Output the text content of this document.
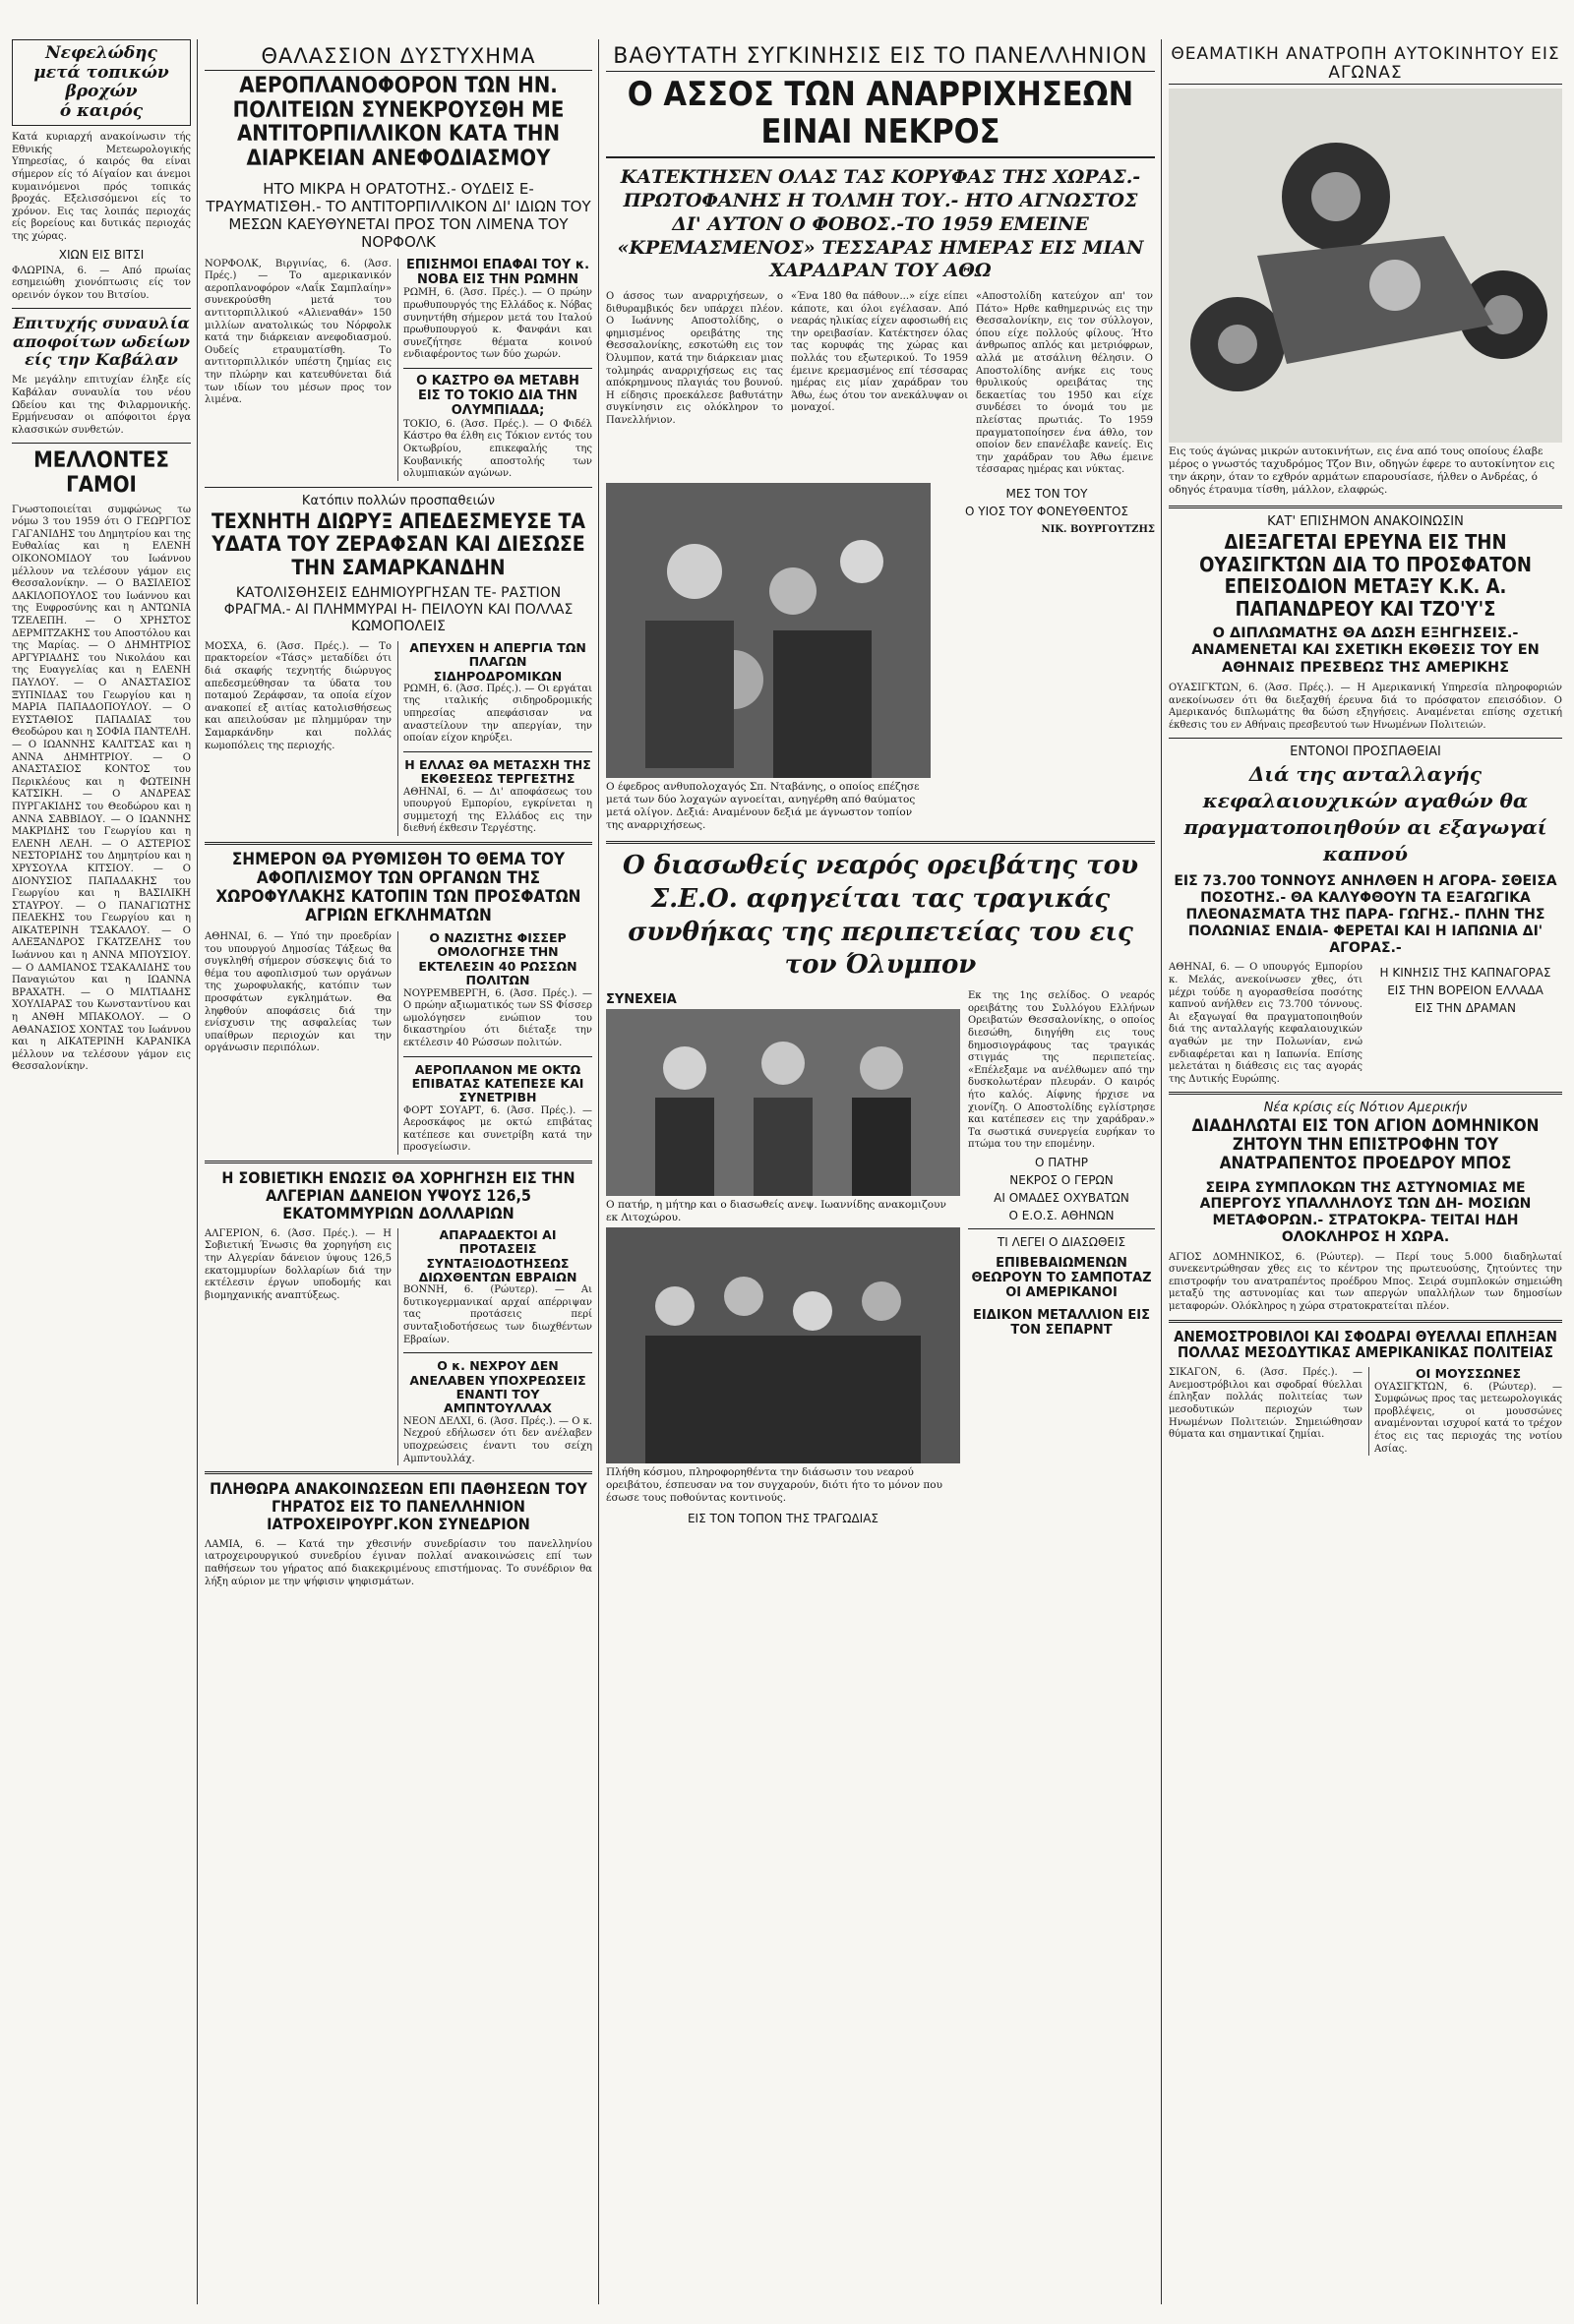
Νεφελώδης
μετά τοπικών βροχών
ό καιρός
Κατά κυριαρχή ανακοίνωσιν τής Εθνικής Μετεωρολογικής Υπηρεσίας, ό καιρός θα είναι σήμερον είς τό Αίγαίον και άνεμοι κυμαινόμενοι πρός τοπικάς βροχάς. Εξελισσόμενοι είς το χρόνον. Εις τας λοιπάς περιοχάς είς βορείους και δυτικάς περιοχάς της χώρας.
ΧΙΩΝ ΕΙΣ ΒΙΤΣΙ
ΦΛΩΡΙΝΑ, 6. — Από πρωίας εσημειώθη χιονόπτωσις είς τον ορεινόν όγκον του Βιτσίου.
Επιτυχής συναυλία
αποφοίτων ωδείων
είς την Καβάλαν
Με μεγάλην επιτυχίαν έληξε είς Καβάλαν συναυλία του νέου Ωδείου και της Φιλαρμονικής. Ερμήνευσαν οι απόφοιτοι έργα κλασσικών συνθετών.
ΜΕΛΛΟΝΤΕΣ ΓΑΜΟΙ
Γνωστοποιείται συμφώνως τω νόμω 3 του 1959 ότι Ο ΓΕΩΡΓΙΟΣ ΓΑΓΑΝΙΔΗΣ του Δημητρίου και της Ευθαλίας και η ΕΛΕΝΗ ΟΙΚΟΝΟΜΙΔΟΥ του Ιωάννου μέλλουν να τελέσουν γάμον εις Θεσσαλονίκην. — Ο ΒΑΣΙΛΕΙΟΣ ΔΑΚΙΛΟΠΟΥΛΟΣ του Ιωάννου και της Ευφροσύνης και η ΑΝΤΩΝΙΑ ΤΖΕΛΕΠΗ. — Ο ΧΡΗΣΤΟΣ ΔΕΡΜΙΤΖΑΚΗΣ του Αποστόλου και της Μαρίας. — Ο ΔΗΜΗΤΡΙΟΣ ΑΡΓΥΡΙΑΔΗΣ του Νικολάου και της Ευαγγελίας και η ΕΛΕΝΗ ΠΑΥΛΟΥ. — Ο ΑΝΑΣΤΑΣΙΟΣ ΞΥΠΝΙΔΑΣ του Γεωργίου και η ΜΑΡΙΑ ΠΑΠΑΔΟΠΟΥΛΟΥ. — Ο ΕΥΣΤΑΘΙΟΣ ΠΑΠΑΔΙΑΣ του Θεοδώρου και η ΣΟΦΙΑ ΠΑΝΤΕΛΗ. — Ο ΙΩΑΝΝΗΣ ΚΑΛΙΤΣΑΣ και η ΑΝΝΑ ΔΗΜΗΤΡΙΟΥ. — Ο ΑΝΑΣΤΑΣΙΟΣ ΚΟΝΤΟΣ του Περικλέους και η ΦΩΤΕΙΝΗ ΚΑΤΣΙΚΗ. — Ο ΑΝΔΡΕΑΣ ΠΥΡΓΑΚΙΔΗΣ του Θεοδώρου και η ΑΝΝΑ ΣΑΒΒΙΔΟΥ. — Ο ΙΩΑΝΝΗΣ ΜΑΚΡΙΔΗΣ του Γεωργίου και η ΕΛΕΝΗ ΛΕΛΗ. — Ο ΑΣΤΕΡΙΟΣ ΝΕΣΤΟΡΙΔΗΣ του Δημητρίου και η ΧΡΥΣΟΥΛΑ ΚΙΤΣΙΟΥ. — Ο ΔΙΟΝΥΣΙΟΣ ΠΑΠΑΔΑΚΗΣ του Γεωργίου και η ΒΑΣΙΛΙΚΗ ΣΤΑΥΡΟΥ. — Ο ΠΑΝΑΓΙΩΤΗΣ ΠΕΛΕΚΗΣ του Γεωργίου και η ΑΙΚΑΤΕΡΙΝΗ ΤΣΑΚΑΛΟΥ. — Ο ΑΛΕΞΑΝΔΡΟΣ ΓΚΑΤΖΕΛΗΣ του Ιωάννου και η ΑΝΝΑ ΜΠΟΥΣΙΟΥ. — Ο ΔΑΜΙΑΝΟΣ ΤΣΑΚΑΛΙΔΗΣ του Παναγιώτου και η ΙΩΑΝΝΑ ΒΡΑΧΑΤΗ. — Ο ΜΙΛΤΙΑΔΗΣ ΧΟΥΛΙΑΡΑΣ του Κωνσταντίνου και η ΑΝΘΗ ΜΠΑΚΟΛΟΥ. — Ο ΑΘΑΝΑΣΙΟΣ ΧΟΝΤΑΣ του Ιωάννου και η ΑΙΚΑΤΕΡΙΝΗ ΚΑΡΑΝΙΚΑ μέλλουν να τελέσουν γάμον εις Θεσσαλονίκην.
ΘΑΛΑΣΣΙΟΝ ΔΥΣΤΥΧΗΜΑ
ΑΕΡΟΠΛΑΝΟΦΟΡΟΝ ΤΩΝ ΗΝ. ΠΟΛΙΤΕΙΩΝ ΣΥΝΕΚΡΟΥΣΘΗ ΜΕ ΑΝΤΙΤΟΡΠΙΛΛΙΚΟΝ ΚΑΤΑ ΤΗΝ ΔΙΑΡΚΕΙΑΝ ΑΝΕΦΟΔΙΑΣΜΟΥ
ΗΤΟ ΜΙΚΡΑ Η ΟΡΑΤΟΤΗΣ.- ΟΥΔΕΙΣ Ε- ΤΡΑΥΜΑΤΙΣΘΗ.- ΤΟ ΑΝΤΙΤΟΡΠΙΛΛΙΚΟΝ ΔΙ' ΙΔΙΩΝ ΤΟΥ ΜΕΣΩΝ ΚΑΕΥΘΥΝΕΤΑΙ ΠΡΟΣ ΤΟΝ ΛΙΜΕΝΑ ΤΟΥ ΝΟΡΦΟΛΚ
ΝΟΡΦΟΛΚ, Βιργινίας, 6. (Άσσ. Πρές.) — Το αμερικανικόν αεροπλανοφόρον «Λαΐκ Σαμπλαίην» συνεκρούσθη μετά του αντιτορπιλλικού «Αλιεναθάν» 150 μιλλίων ανατολικώς του Νόρφολκ κατά την διάρκειαν ανεφοδιασμού. Ουδείς ετραυματίσθη. Το αντιτορπιλλικόν υπέστη ζημίας εις την πλώρην και κατευθύνεται διά των ιδίων του μέσων προς τον λιμένα.
ΕΠΙΣΗΜΟΙ ΕΠΑΦΑΙ ΤΟΥ κ. ΝΟΒΑ ΕΙΣ ΤΗΝ ΡΩΜΗΝ
ΡΩΜΗ, 6. (Άσσ. Πρές.). — Ο πρώην πρωθυπουργός της Ελλάδος κ. Νόβας συνηντήθη σήμερον μετά του Ιταλού πρωθυπουργού κ. Φανφάνι και συνεζήτησε θέματα κοινού ενδιαφέροντος των δύο χωρών.
Ο ΚΑΣΤΡΟ ΘΑ ΜΕΤΑΒΗ ΕΙΣ ΤΟ ΤΟΚΙΟ ΔΙΑ ΤΗΝ ΟΛΥΜΠΙΑΔΑ;
ΤΟΚΙΟ, 6. (Άσσ. Πρές.). — Ο Φιδέλ Κάστρο θα έλθη εις Τόκιον εντός του Οκτωβρίου, επικεφαλής της Κουβανικής αποστολής των ολυμπιακών αγώνων.
Κατόπιν πολλών προσπαθειών
ΤΕΧΝΗΤΗ ΔΙΩΡΥΞ ΑΠΕΔΕΣΜΕΥΣΕ ΤΑ ΥΔΑΤΑ ΤΟΥ ΖΕΡΑΦΣΑΝ ΚΑΙ ΔΙΕΣΩΣΕ ΤΗΝ ΣΑΜΑΡΚΑΝΔΗΝ
ΚΑΤΟΛΙΣΘΗΣΕΙΣ ΕΔΗΜΙΟΥΡΓΗΣΑΝ ΤΕ- ΡΑΣΤΙΟΝ ΦΡΑΓΜΑ.- ΑΙ ΠΛΗΜΜΥΡΑΙ Η- ΠΕΙΛΟΥΝ ΚΑΙ ΠΟΛΛΑΣ ΚΩΜΟΠΟΛΕΙΣ
ΜΟΣΧΑ, 6. (Άσσ. Πρές.). — Το πρακτορείον «Τάσς» μεταδίδει ότι διά σκαφής τεχνητής διώρυγος απεδεσμεύθησαν τα ύδατα του ποταμού Ζεράφσαν, τα οποία είχον ανακοπεί εξ αιτίας κατολισθήσεως και απειλούσαν με πλημμύραν την Σαμαρκάνδην και πολλάς κωμοπόλεις της περιοχής.
ΑΠΕΥΧΕΝ Η ΑΠΕΡΓΙΑ ΤΩΝ ΠΛΑΓΩΝ ΣΙΔΗΡΟΔΡΟΜΙΚΩΝ
ΡΩΜΗ, 6. (Άσσ. Πρές.). — Οι εργάται της ιταλικής σιδηροδρομικής υπηρεσίας απεφάσισαν να αναστείλουν την απεργίαν, την οποίαν είχον κηρύξει.
Η ΕΛΛΑΣ ΘΑ ΜΕΤΑΣΧΗ ΤΗΣ ΕΚΘΕΣΕΩΣ ΤΕΡΓΕΣΤΗΣ
ΑΘΗΝΑΙ, 6. — Δι' αποφάσεως του υπουργού Εμπορίου, εγκρίνεται η συμμετοχή της Ελλάδος εις την διεθνή έκθεσιν Τεργέστης.
ΣΗΜΕΡΟΝ ΘΑ ΡΥΘΜΙΣΘΗ ΤΟ ΘΕΜΑ ΤΟΥ ΑΦΟΠΛΙΣΜΟΥ ΤΩΝ ΟΡΓΑΝΩΝ ΤΗΣ ΧΩΡΟΦΥΛΑΚΗΣ ΚΑΤΟΠΙΝ ΤΩΝ ΠΡΟΣΦΑΤΩΝ ΑΓΡΙΩΝ ΕΓΚΛΗΜΑΤΩΝ
ΑΘΗΝΑΙ, 6. — Υπό την προεδρίαν του υπουργού Δημοσίας Τάξεως θα συγκληθή σήμερον σύσκεψις διά το θέμα του αφοπλισμού των οργάνων της χωροφυλακής, κατόπιν των προσφάτων εγκλημάτων. Θα ληφθούν αποφάσεις διά την ενίσχυσιν της ασφαλείας των υπαίθρων περιοχών και την οργάνωσιν περιπόλων.
Ο ΝΑΖΙΣΤΗΣ ΦΙΣΣΕΡ ΟΜΟΛΟΓΗΣΕ ΤΗΝ ΕΚΤΕΛΕΣΙΝ 40 ΡΩΣΣΩΝ ΠΟΛΙΤΩΝ
ΝΟΥΡΕΜΒΕΡΓΗ, 6. (Άσσ. Πρές.). — Ο πρώην αξιωματικός των SS Φίσσερ ωμολόγησεν ενώπιον του δικαστηρίου ότι διέταξε την εκτέλεσιν 40 Ρώσσων πολιτών.
ΑΕΡΟΠΛΑΝΟΝ ΜΕ ΟΚΤΩ ΕΠΙΒΑΤΑΣ ΚΑΤΕΠΕΣΕ ΚΑΙ ΣΥΝΕΤΡΙΒΗ
ΦΟΡΤ ΣΟΥΑΡΤ, 6. (Άσσ. Πρές.). — Αεροσκάφος με οκτώ επιβάτας κατέπεσε και συνετρίβη κατά την προσγείωσιν.
Η ΣΟΒΙΕΤΙΚΗ ΕΝΩΣΙΣ ΘΑ ΧΟΡΗΓΗΣΗ ΕΙΣ ΤΗΝ ΑΛΓΕΡΙΑΝ ΔΑΝΕΙΟΝ ΥΨΟΥΣ 126,5 ΕΚΑΤΟΜΜΥΡΙΩΝ ΔΟΛΛΑΡΙΩΝ
ΑΛΓΕΡΙΟΝ, 6. (Άσσ. Πρές.). — Η Σοβιετική Ένωσις θα χορηγήση εις την Αλγερίαν δάνειον ύψους 126,5 εκατομμυρίων δολλαρίων διά την εκτέλεσιν έργων υποδομής και βιομηχανικής αναπτύξεως.
ΑΠΑΡΑΔΕΚΤΟΙ ΑΙ ΠΡΟΤΑΣΕΙΣ ΣΥΝΤΑΞΙΟΔΟΤΗΣΕΩΣ ΔΙΩΧΘΕΝΤΩΝ ΕΒΡΑΙΩΝ
ΒΟΝΝΗ, 6. (Ρώυτερ). — Αι δυτικογερμανικαί αρχαί απέρριψαν τας προτάσεις περί συνταξιοδοτήσεως των διωχθέντων Εβραίων.
Ο κ. ΝΕΧΡΟΥ ΔΕΝ ΑΝΕΛΑΒΕΝ ΥΠΟΧΡΕΩΣΕΙΣ ΕΝΑΝΤΙ ΤΟΥ ΑΜΠΝΤΟΥΛΛΑΧ
ΝΕΟΝ ΔΕΛΧΙ, 6. (Άσσ. Πρές.). — Ο κ. Νεχρού εδήλωσεν ότι δεν ανέλαβεν υποχρεώσεις έναντι του σείχη Αμπντουλλάχ.
ΠΛΗΘΩΡΑ ΑΝΑΚΟΙΝΩΣΕΩΝ ΕΠΙ ΠΑΘΗΣΕΩΝ ΤΟΥ ΓΗΡΑΤΟΣ ΕΙΣ ΤΟ ΠΑΝΕΛΛΗΝΙΟΝ ΙΑΤΡΟΧΕΙΡΟΥΡΓ.ΚΟΝ ΣΥΝΕΔΡΙΟΝ
ΛΑΜΙΑ, 6. — Κατά την χθεσινήν συνεδρίασιν του πανελληνίου ιατροχειρουργικού συνεδρίου έγιναν πολλαί ανακοινώσεις επί των παθήσεων του γήρατος από διακεκριμένους επιστήμονας. Το συνέδριον θα λήξη αύριον με την ψήφισιν ψηφισμάτων.
ΒΑΘΥΤΑΤΗ ΣΥΓΚΙΝΗΣΙΣ ΕΙΣ ΤΟ ΠΑΝΕΛΛΗΝΙΟΝ
Ο ΑΣΣΟΣ ΤΩΝ ΑΝΑΡΡΙΧΗΣΕΩΝ ΕΙΝΑΙ ΝΕΚΡΟΣ
ΚΑΤΕΚΤΗΣΕΝ ΟΛΑΣ ΤΑΣ ΚΟΡΥΦΑΣ ΤΗΣ ΧΩΡΑΣ.- ΠΡΩΤΟΦΑΝΗΣ Η ΤΟΛΜΗ ΤΟΥ.- ΗΤΟ ΑΓΝΩΣΤΟΣ ΔΙ' ΑΥΤΟΝ Ο ΦΟΒΟΣ.-ΤΟ 1959 ΕΜΕΙΝΕ «ΚΡΕΜΑΣΜΕΝΟΣ» ΤΕΣΣΑΡΑΣ ΗΜΕΡΑΣ ΕΙΣ ΜΙΑΝ ΧΑΡΑΔΡΑΝ ΤΟΥ ΑΘΩ
Ο άσσος των αναρριχήσεων, ο διθυραμβικός δεν υπάρχει πλέον. Ο Ιωάννης Αποστολίδης, ο φημισμένος ορειβάτης της Θεσσαλονίκης, εσκοτώθη εις τον Όλυμπον, κατά την διάρκειαν μιας τολμηράς αναρριχήσεως εις τας απόκρημνους πλαγιάς του βουνού. Η είδησις προεκάλεσε βαθυτάτην συγκίνησιν εις ολόκληρον το Πανελλήνιον.
«Ένα 180 θα πάθουν...» είχε είπει κάποτε, και όλοι εγέλασαν. Από νεαράς ηλικίας είχεν αφοσιωθή εις την ορειβασίαν. Κατέκτησεν όλας τας κορυφάς της χώρας και πολλάς του εξωτερικού. Το 1959 έμεινε κρεμασμένος επί τέσσαρας ημέρας εις μίαν χαράδραν του Άθω, έως ότου τον ανεκάλυψαν οι μοναχοί.
«Αποστολίδη κατεύχον απ' τον Πάτο» Ηρθε καθημερινώς εις την Θεσσαλονίκην, εις τον σύλλογον, όπου είχε πολλούς φίλους. Ήτο άνθρωπος απλός και μετριόφρων, αλλά με ατσάλινη θέλησιν. Ο Αποστολίδης ανήκε εις τους θρυλικούς ορειβάτας της δεκαετίας του 1950 και είχε συνδέσει το όνομά του με πλείστας πρωτιάς. Το 1959 πραγματοποίησεν ένα άθλο, τον οποίον δεν επανέλαβε κανείς. Εις την χαράδραν του Άθω έμεινε τέσσαρας ημέρας και νύκτας.
Ο έφεδρος ανθυπολοχαγός Σπ. Νταβάνης, ο οποίος επέζησε μετά των δύο λοχαγών αγνοείται, ανηγέρθη από θαύματος μετά ολίγον. Δεξιά: Αναμένουν δεξιά με άγνωστον τοπίον της αναρριχήσεως.
ΜΕΣ ΤΟΝ ΤΟΥ
Ο ΥΙΟΣ ΤΟΥ ΦΟΝΕΥΘΕΝΤΟΣ
ΝΙΚ. ΒΟΥΡΓΟΥΤΖΗΣ
Ο διασωθείς νεαρός ορειβάτης του Σ.Ε.Ο. αφηγείται τας τραγικάς συνθήκας της περιπετείας του εις τον Όλυμπον
ΣΥΝΕΧΕΙΑ
Ο πατήρ, η μήτηρ και ο διασωθείς ανεψ. Ιωαννίδης ανακομιζουν εκ Λιτοχώρου.
Πλήθη κόσμου, πληροφορηθέντα την διάσωσιν του νεαρού ορειβάτου, έσπευσαν να τον συγχαρούν, διότι ήτο το μόνον που έσωσε τους ποθούντας κοντινούς.
ΕΙΣ ΤΟΝ ΤΟΠΟΝ ΤΗΣ ΤΡΑΓΩΔΙΑΣ
Εκ της 1ης σελίδος. Ο νεαρός ορειβάτης του Συλλόγου Ελλήνων Ορειβατών Θεσσαλονίκης, ο οποίος διεσώθη, διηγήθη εις τους δημοσιογράφους τας τραγικάς στιγμάς της περιπετείας. «Επέλεξαμε να ανέλθωμεν από την δυσκολωτέραν πλευράν. Ο καιρός ήτο καλός. Αίφνης ήρχισε να χιονίζη. Ο Αποστολίδης εγλίστρησε και κατέπεσεν εις την χαράδραν.» Τα σωστικά συνεργεία ευρήκαν το πτώμα του την επομένην.
Ο ΠΑΤΗΡ
ΝΕΚΡΟΣ Ο ΓΕΡΩΝ
ΑΙ ΟΜΑΔΕΣ ΟΧΥΒΑΤΩΝ
Ο Ε.Ο.Σ. ΑΘΗΝΩΝ
ΤΙ ΛΕΓΕΙ Ο ΔΙΑΣΩΘΕΙΣ
ΕΠΙΒΕΒΑΙΩΜΕΝΩΝ ΘΕΩΡΟΥΝ ΤΟ ΣΑΜΠΟΤΑΖ ΟΙ ΑΜΕΡΙΚΑΝΟΙ
ΕΙΔΙΚΟΝ ΜΕΤΑΛΛΙΟΝ ΕΙΣ ΤΟΝ ΣΕΠΑΡΝΤ
ΘΕΑΜΑΤΙΚΗ ΑΝΑΤΡΟΠΗ ΑΥΤΟΚΙΝΗΤΟΥ ΕΙΣ ΑΓΩΝΑΣ
Εις τούς άγώνας μικρών αυτοκινήτων, εις ένα από τους οποίους έλαβε μέρος ο γνωστός ταχυδρόμος Τζον Βιν, οδηγών έφερε το αυτοκίνητον εις την άκρην, όταν το εχθρόν αρμάτων επαρουσίασε, ήλθεν ο Ανδρέας, ό οδηγός έτραυμα τίσθη, μάλλον, ελαφρώς.
ΚΑΤ' ΕΠΙΣΗΜΟΝ ΑΝΑΚΟΙΝΩΣΙΝ
ΔΙΕΞΑΓΕΤΑΙ ΕΡΕΥΝΑ ΕΙΣ ΤΗΝ ΟΥΑΣΙΓΚΤΩΝ ΔΙΑ ΤΟ ΠΡΟΣΦΑΤΟΝ ΕΠΕΙΣΟΔΙΟΝ ΜΕΤΑΞΥ Κ.Κ. Α. ΠΑΠΑΝΔΡΕΟΥ ΚΑΙ ΤΖΟ'Υ'Σ
Ο ΔΙΠΛΩΜΑΤΗΣ ΘΑ ΔΩΣΗ ΕΞΗΓΗΣΕΙΣ.- ΑΝΑΜΕΝΕΤΑΙ ΚΑΙ ΣΧΕΤΙΚΗ ΕΚΘΕΣΙΣ ΤΟΥ ΕΝ ΑΘΗΝΑΙΣ ΠΡΕΣΒΕΩΣ ΤΗΣ ΑΜΕΡΙΚΗΣ
ΟΥΑΣΙΓΚΤΩΝ, 6. (Άσσ. Πρές.). — Η Αμερικανική Υπηρεσία πληροφοριών ανεκοίνωσεν ότι θα διεξαχθή έρευνα διά το πρόσφατον επεισόδιον. Ο Αμερικανός διπλωμάτης θα δώση εξηγήσεις. Αναμένεται επίσης σχετική έκθεσις του εν Αθήναις πρεσβευτού των Ηνωμένων Πολιτειών.
ΕΝΤΟΝΟΙ ΠΡΟΣΠΑΘΕΙΑΙ
Διά της ανταλλαγής κεφαλαιουχικών αγαθών θα πραγματοποιηθούν αι εξαγωγαί καπνού
ΕΙΣ 73.700 ΤΟΝΝΟΥΣ ΑΝΗΛΘΕΝ Η ΑΓΟΡΑ- ΣΘΕΙΣΑ ΠΟΣΟΤΗΣ.- ΘΑ ΚΑΛΥΦΘΟΥΝ ΤΑ ΕΞΑΓΩΓΙΚΑ ΠΛΕΟΝΑΣΜΑΤΑ ΤΗΣ ΠΑΡΑ- ΓΩΓΗΣ.- ΠΛΗΝ ΤΗΣ ΠΟΛΩΝΙΑΣ ΕΝΔΙΑ- ΦΕΡΕΤΑΙ ΚΑΙ Η ΙΑΠΩΝΙΑ ΔΙ' ΑΓΟΡΑΣ.-
ΑΘΗΝΑΙ, 6. — Ο υπουργός Εμπορίου κ. Μελάς, ανεκοίνωσεν χθες, ότι μέχρι τούδε η αγορασθείσα ποσότης καπνού ανήλθεν εις 73.700 τόννους. Αι εξαγωγαί θα πραγματοποιηθούν διά της ανταλλαγής κεφαλαιουχικών αγαθών με την Πολωνίαν, ενώ ενδιαφέρεται και η Ιαπωνία. Επίσης μελετάται η διάθεσις εις τας αγοράς της Δυτικής Ευρώπης.
Η ΚΙΝΗΣΙΣ ΤΗΣ ΚΑΠΝΑΓΟΡΑΣ
ΕΙΣ ΤΗΝ ΒΟΡΕΙΟΝ ΕΛΛΑΔΑ
ΕΙΣ ΤΗΝ ΔΡΑΜΑΝ
Νέα κρίσις είς Νότιον Αμερικήν
ΔΙΑΔΗΛΩΤΑΙ ΕΙΣ ΤΟΝ ΑΓΙΟΝ ΔΟΜΗΝΙΚΟΝ ΖΗΤΟΥΝ ΤΗΝ ΕΠΙΣΤΡΟΦΗΝ ΤΟΥ ΑΝΑΤΡΑΠΕΝΤΟΣ ΠΡΟΕΔΡΟΥ ΜΠΟΣ
ΣΕΙΡΑ ΣΥΜΠΛΟΚΩΝ ΤΗΣ ΑΣΤΥΝΟΜΙΑΣ ΜΕ ΑΠΕΡΓΟΥΣ ΥΠΑΛΛΗΛΟΥΣ ΤΩΝ ΔΗ- ΜΟΣΙΩΝ ΜΕΤΑΦΟΡΩΝ.- ΣΤΡΑΤΟΚΡΑ- ΤΕΙΤΑΙ ΗΔΗ ΟΛΟΚΛΗΡΟΣ Η ΧΩΡΑ.
ΑΓΙΟΣ ΔΟΜΗΝΙΚΟΣ, 6. (Ρώυτερ). — Περί τους 5.000 διαδηλωταί συνεκεντρώθησαν χθες εις το κέντρον της πρωτευούσης, ζητούντες την επιστροφήν του ανατραπέντος προέδρου Μπος. Σειρά συμπλοκών σημειώθη μεταξύ της αστυνομίας και των απεργών υπαλλήλων των δημοσίων μεταφορών. Ολόκληρος η χώρα στρατοκρατείται πλέον.
ΑΝΕΜΟΣΤΡΟΒΙΛΟΙ ΚΑΙ ΣΦΟΔΡΑΙ ΘΥΕΛΛΑΙ ΕΠΛΗΞΑΝ ΠΟΛΛΑΣ ΜΕΣΟΔΥΤΙΚΑΣ ΑΜΕΡΙΚΑΝΙΚΑΣ ΠΟΛΙΤΕΙΑΣ
ΣΙΚΑΓΟΝ, 6. (Άσσ. Πρές.). — Ανεμοστρόβιλοι και σφοδραί θύελλαι έπληξαν πολλάς πολιτείας των μεσοδυτικών περιοχών των Ηνωμένων Πολιτειών. Σημειώθησαν θύματα και σημαντικαί ζημίαι.
ΟΙ ΜΟΥΣΣΩΝΕΣ
ΟΥΑΣΙΓΚΤΩΝ, 6. (Ρώυτερ). — Συμφώνως προς τας μετεωρολογικάς προβλέψεις, οι μουσσώνες αναμένονται ισχυροί κατά το τρέχον έτος εις τας περιοχάς της νοτίου Ασίας.
